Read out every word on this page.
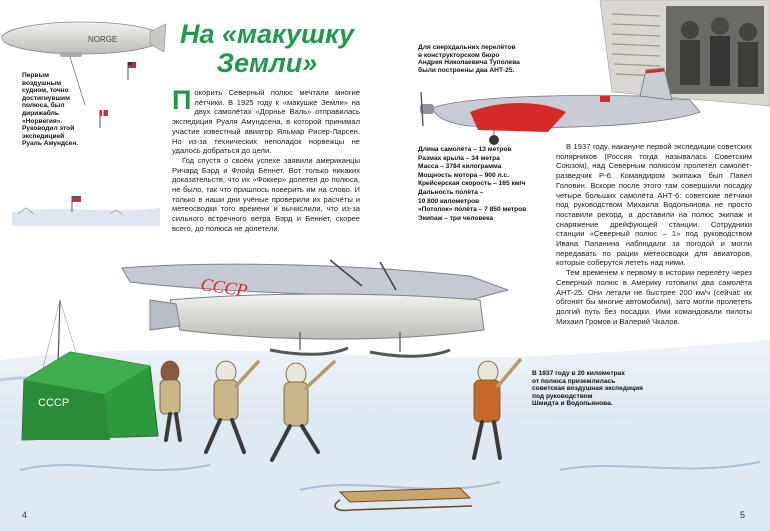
NORGE
СССР
СССР
На «макушку
Земли»
Первым
воздушным
судном, точно
достигнувшим
полюса, был
дирижабль
«Норвегия».
Руководил этой
экспедицией
Руаль Амундсен.

Покорить Северный полюс мечтали многие лётчики. В 1925 году к «макушке Земли» на двух самолётах «Дорнье Валь» отправилась экспедиция Руаля Амундсена, в которой принимал участие известный авиатор Яльмар Рисер-Ларсен. Но из-за технических неполадок норвежцы не удалось добраться до цели.

Год спустя о своём успехе заявили американцы Ричард Бэрд и Флойд Беннет. Вот только никаких доказательств, что их «Фоккер» долетел до полюса, не было, так что пришлось поверить им на слово. И только в наши дни учёные проверили их расчёты и метеосводки того времени и вычислили, что из-за сильного встречного ветра Бэрд и Беннет, скорее всего, до полюса не долетели.

Для сверхдальних перелётов
в конструкторском бюро
Андрея Николаевича Туполева
были построены два АНТ-25.
Длина самолёта – 13 метров
Размах крыла – 34 метра
Масса – 3784 килограмма
Мощность мотора – 900 л.с.
Крейсерская скорость – 165 км/ч
Дальность полёта –
10 800 километров
«Потолок» полёта – 7 850 метров
Экипаж – три человека

В 1937 году, накануне первой экспедиции советских полярников (Россия тогда называлась Советским Союзом), над Северным полюсом пролетел самолёт-разведчик Р-6. Командиром экипажа был Павел Головин. Вскоре после этого там совершили посадку четыре больших самолёта АНТ-6: советские лётчики под руководством Михаила Водопьянова не просто поставили рекорд, а доставили на полюс экипаж и снаряжение дрейфующей станции. Сотрудники станции «Северный полюс – 1» под руководством Ивана Папанина наблюдали за погодой и могли передавать по рации метеосводки для авиаторов, которые соберутся лететь над ними.

Тем временем к первому в истории перелёту через Северный полюс в Америку готовили два самолёта АНТ-25. Они летали не быстрее 200 км/ч (сейчас их обгонят бы многие автомобили), зато могли пролететь долгий путь без посадки. Ими командовали пилоты Михаил Громов и Валерий Чкалов.

В 1937 году в 20 километрах
от полюса приземлилась
советская воздушная экспедиция
под руководством
Шмидта и Водопьянова.
4	5
